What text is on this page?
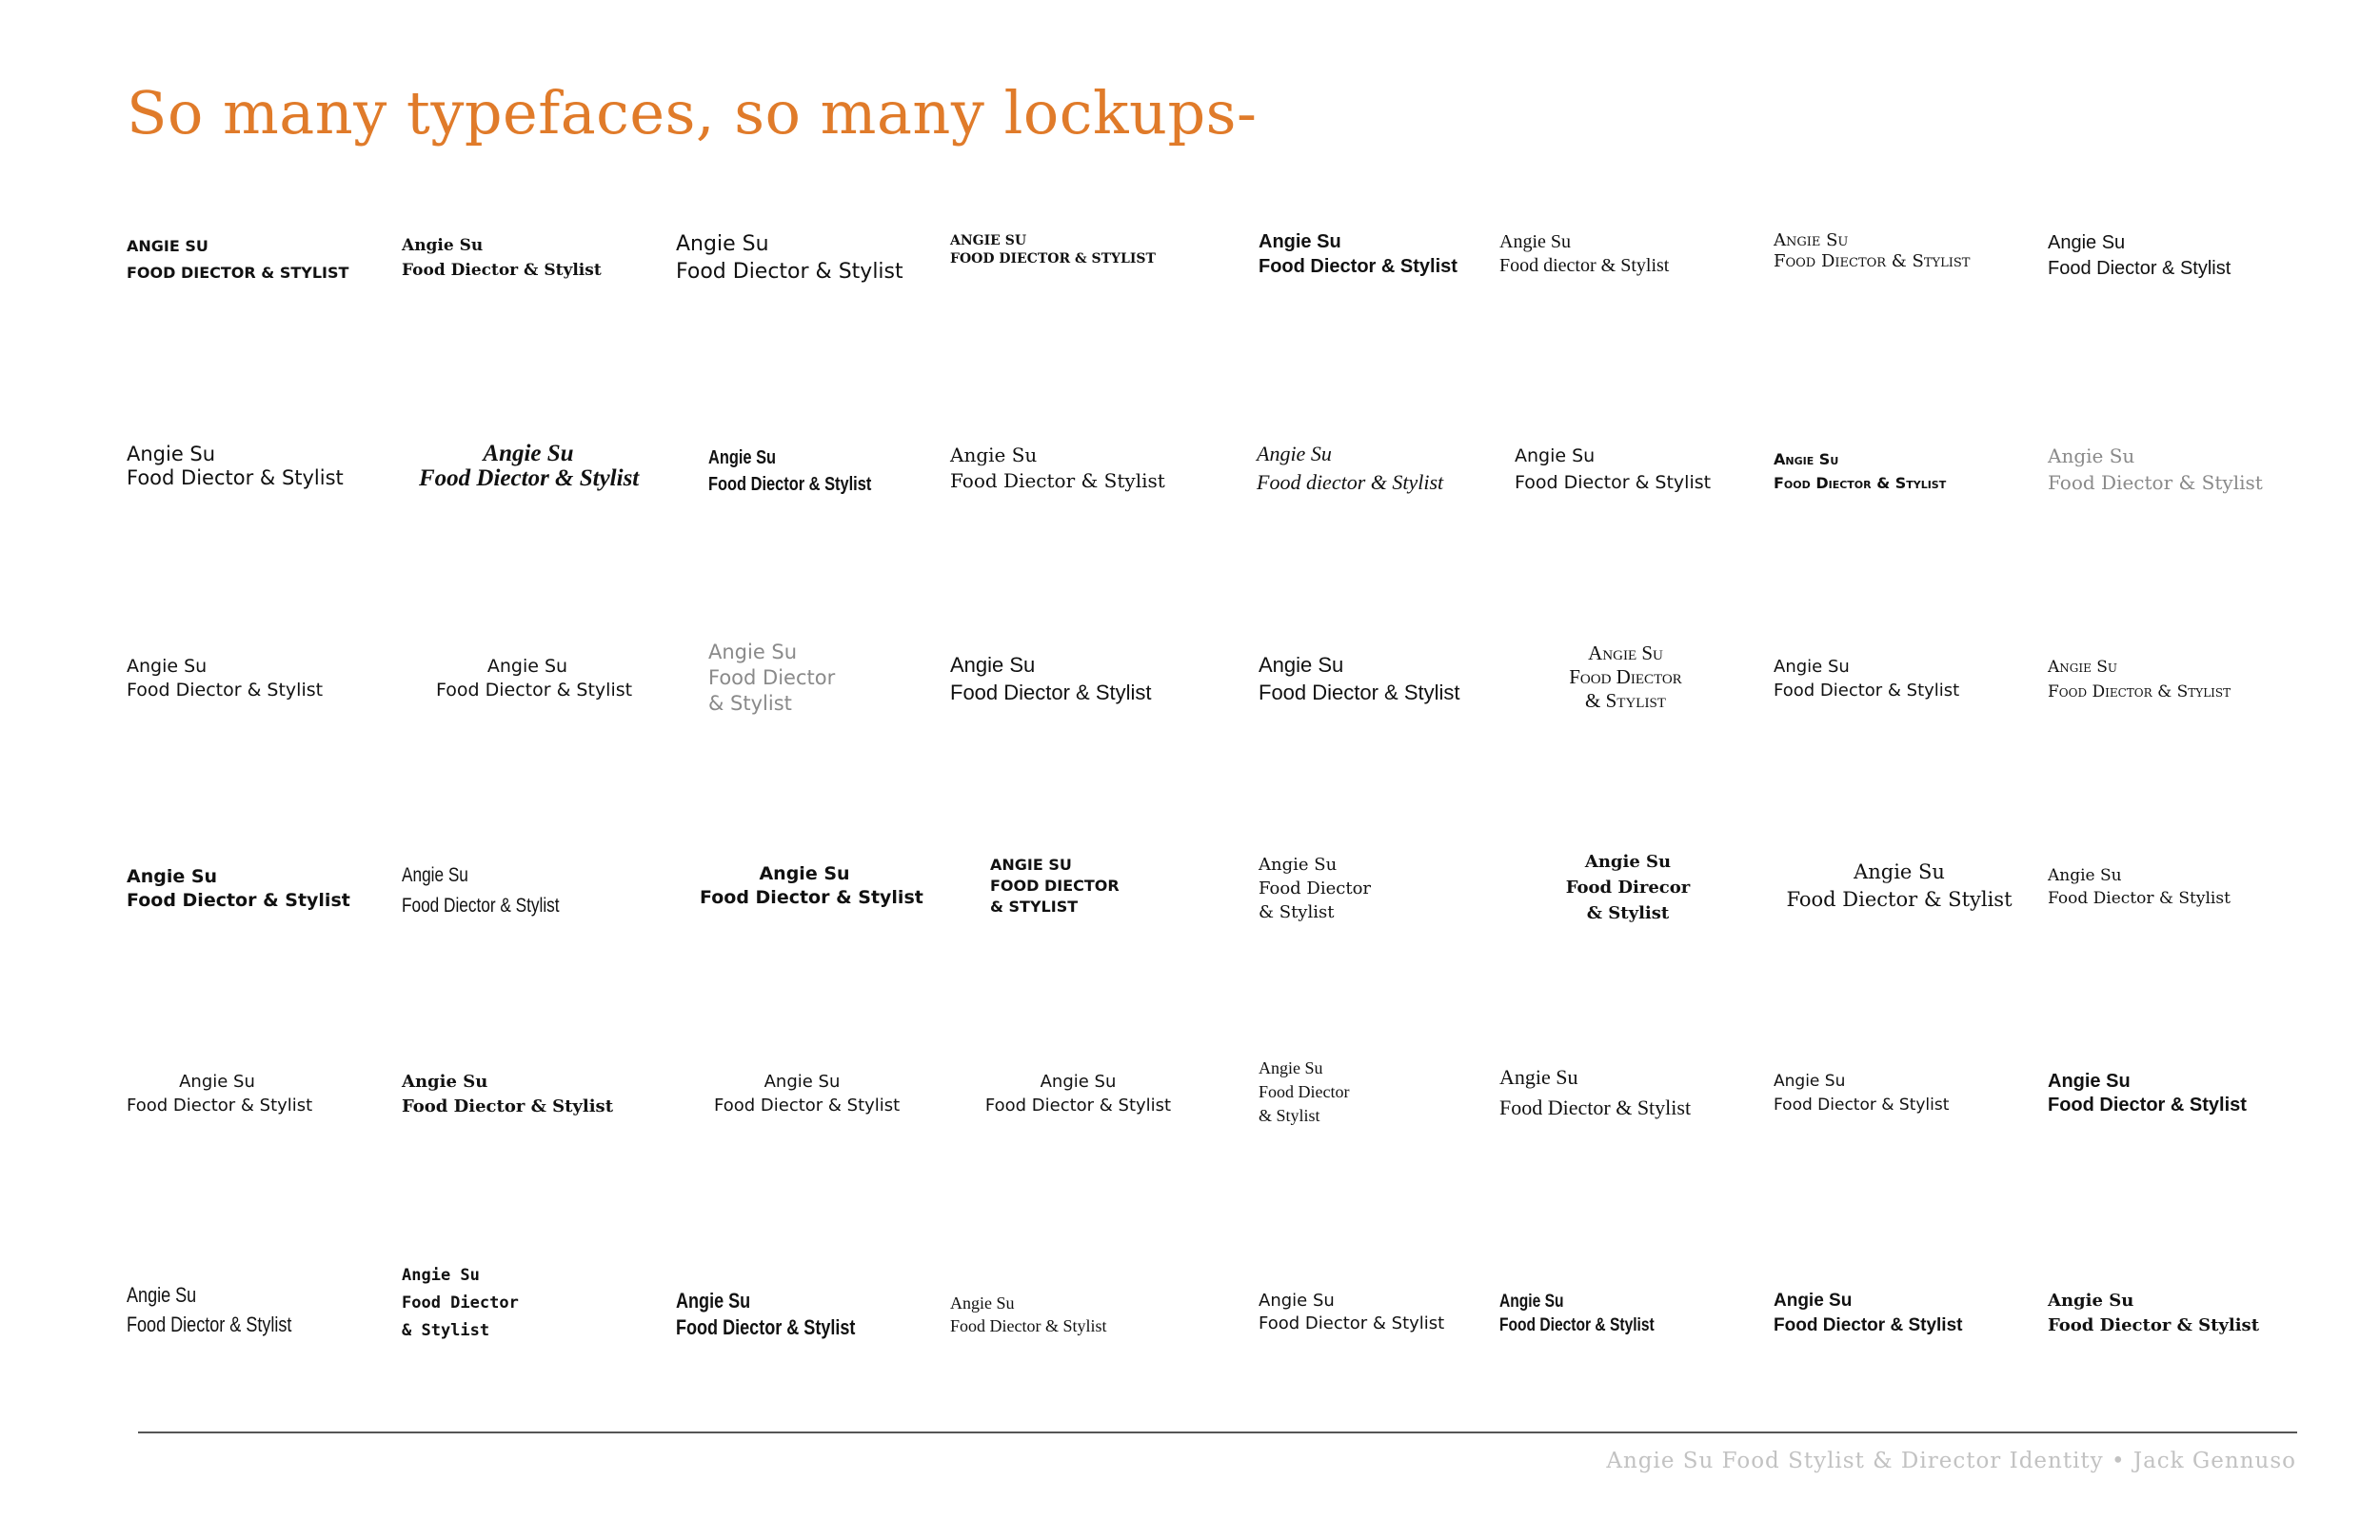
So many typefaces, so many lockups-
ANGIE SU
FOOD DIECTOR & STYLIST
Angie Su
Food Diector & Stylist
Angie Su
Food Diector & Stylist
ANGIE SU
FOOD DIECTOR & STYLIST
Angie Su
Food Diector & Stylist
Angie Su
Food diector & Stylist
Angie Su
Food Diector & Stylist
Angie Su
Food Diector & Stylist
Angie Su
Food Diector & Stylist
Angie Su
Food Diector & Stylist
Angie Su
Food Diector & Stylist
Angie Su
Food Diector & Stylist
Angie Su
Food diector & Stylist
Angie Su
Food Diector & Stylist
Angie Su
Food Diector & Stylist
Angie Su
Food Diector & Stylist
Angie Su
Food Diector & Stylist
Angie Su
Food Diector & Stylist
Angie Su
Food Diector
& Stylist
Angie Su
Food Diector & Stylist
Angie Su
Food Diector & Stylist
Angie Su
Food Diector
& Stylist
Angie Su
Food Diector & Stylist
Angie Su
Food Diector & Stylist
Angie Su
Food Diector & Stylist
Angie Su
Food Diector & Stylist
Angie Su
Food Diector & Stylist
ANGIE SU
FOOD DIECTOR
& STYLIST
Angie Su
Food Diector
& Stylist
Angie Su
Food Direcor
& Stylist
Angie Su
Food Diector & Stylist
Angie Su
Food Diector & Stylist
Angie Su
Food Diector & Stylist
Angie Su
Food Diector & Stylist
Angie Su
Food Diector & Stylist
Angie Su
Food Diector & Stylist
Angie Su
Food Diector
& Stylist
Angie Su
Food Diector & Stylist
Angie Su
Food Diector & Stylist
Angie Su
Food Diector & Stylist
Angie Su
Food Diector & Stylist
Angie Su
Food Diector
& Stylist
Angie Su
Food Diector & Stylist
Angie Su
Food Diector & Stylist
Angie Su
Food Diector & Stylist
Angie Su
Food Diector & Stylist
Angie Su
Food Diector & Stylist
Angie Su
Food Diector & Stylist
Angie Su Food Stylist & Director Identity • Jack Gennuso
